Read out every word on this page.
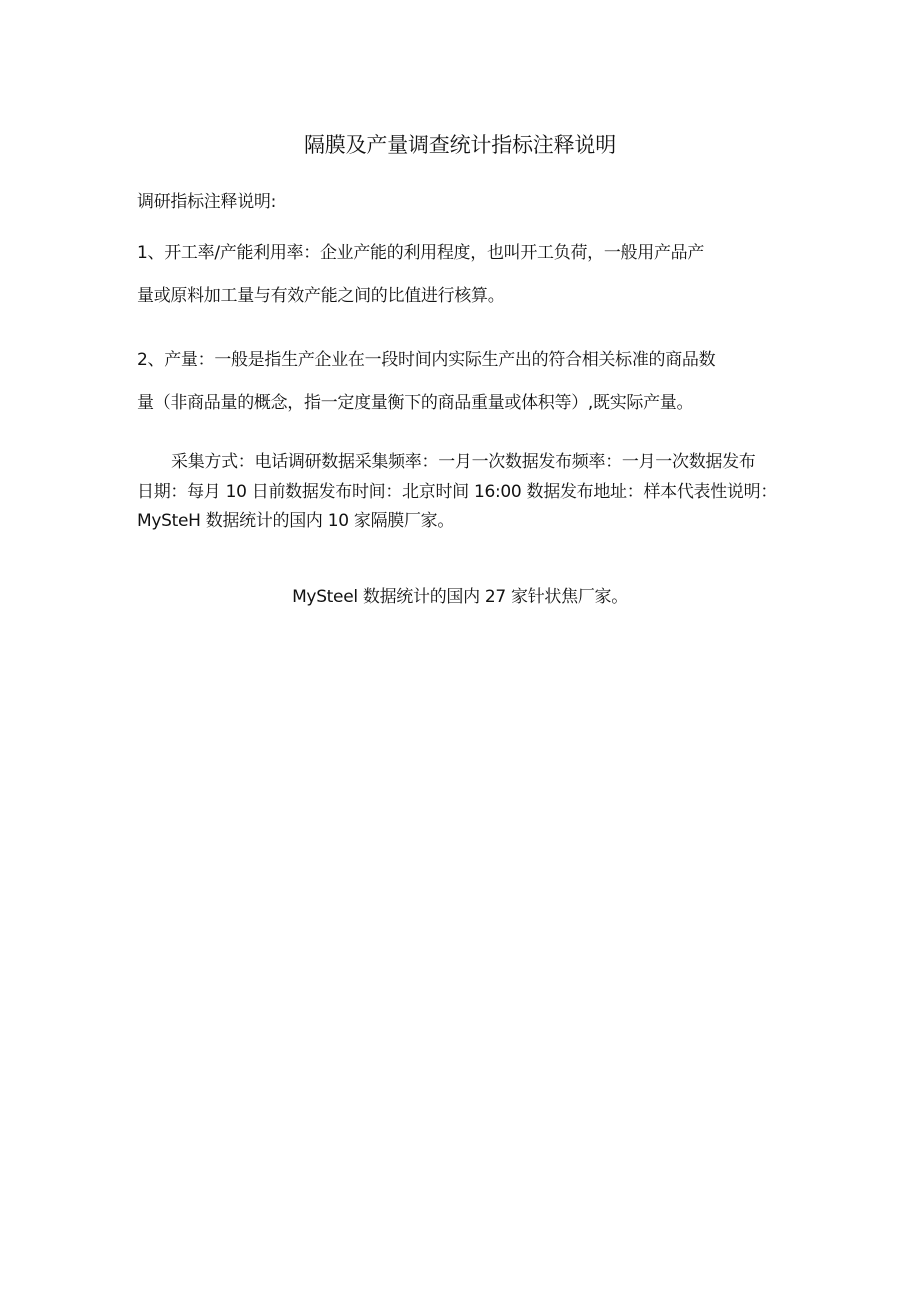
隔膜及产量调查统计指标注释说明
调研指标注释说明:
1、开工率/产能利用率：企业产能的利用程度，也叫开工负荷，一般用产品产
量或原料加工量与有效产能之间的比值进行核算。
2、产量：一般是指生产企业在一段时间内实际生产出的符合相关标准的商品数
量（非商品量的概念，指一定度量衡下的商品重量或体积等）,既实际产量。
采集方式：电话调研数据采集频率：一月一次数据发布频率：一月一次数据发布
日期：每月 10 日前数据发布时间：北京时间 16:00 数据发布地址：样本代表性说明：
MySteH 数据统计的国内 10 家隔膜厂家。
MySteel 数据统计的国内 27 家针状焦厂家。
